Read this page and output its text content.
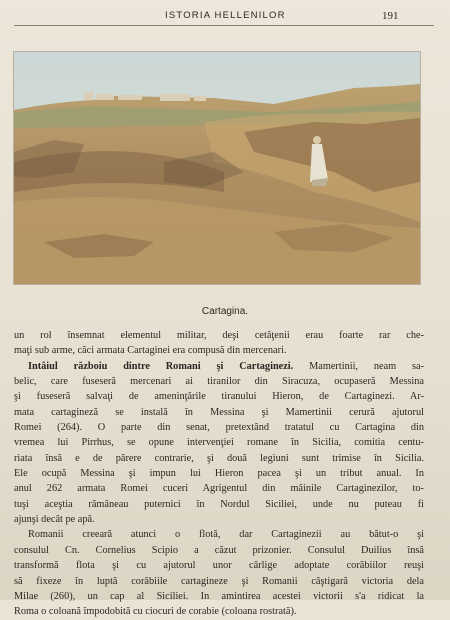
ISTORIA HELLENILOR	191
Cartagina.
un rol însemnat elementul militar, deşi cetăţenii erau foarte rar che-
maţi sub arme, căci armata Cartaginei era compusă din mercenari.
Intâiul războiu dintre Romani şi Cartaginezi. Mamertinii, neam sa-
belic, care fuseseră mercenari ai tiranilor din Siracuza, ocupaseră Messina
şi fuseseră salvaţi de ameninţările tiranului Hieron, de Cartaginezi. Ar-
mata cartagineză se instală în Messina şi Mamertinii cerură ajutorul
Romei (264). O parte din senat, pretextând tratatul cu Cartagina din
vremea lui Pirrhus, se opune intervenţiei romane în Sicilia, comitia centu-
riata însă e de părere contrarie, şi două legiuni sunt trimise în Sicilia.
Ele ocupă Messina şi impun lui Hieron pacea şi un tribut anual. In
anul 262 armata Romei cuceri Agrigentul din mâinile Cartaginezilor, to-
tuşi aceştia rămâneau puternici în Nordul Siciliei, unde nu puteau fi
ajunşi decât pe apă.
Romanii creeară atunci o flotă, dar Cartaginezii au bătut-o şi
consulul Cn. Cornelius Scipio a căzut prizonier. Consulul Duilius însă
transformă flota şi cu ajutorul unor cârlige adoptate corăbiilor reuşi
să fixeze în luptă corăbiile cartagineze şi Romanii câştigară victoria dela
Milae (260), un cap al Siciliei. In amintirea acestei victorii s'a ridicat la
Roma o coloană împodobită cu ciocuri de corabie (coloana rostrată).
